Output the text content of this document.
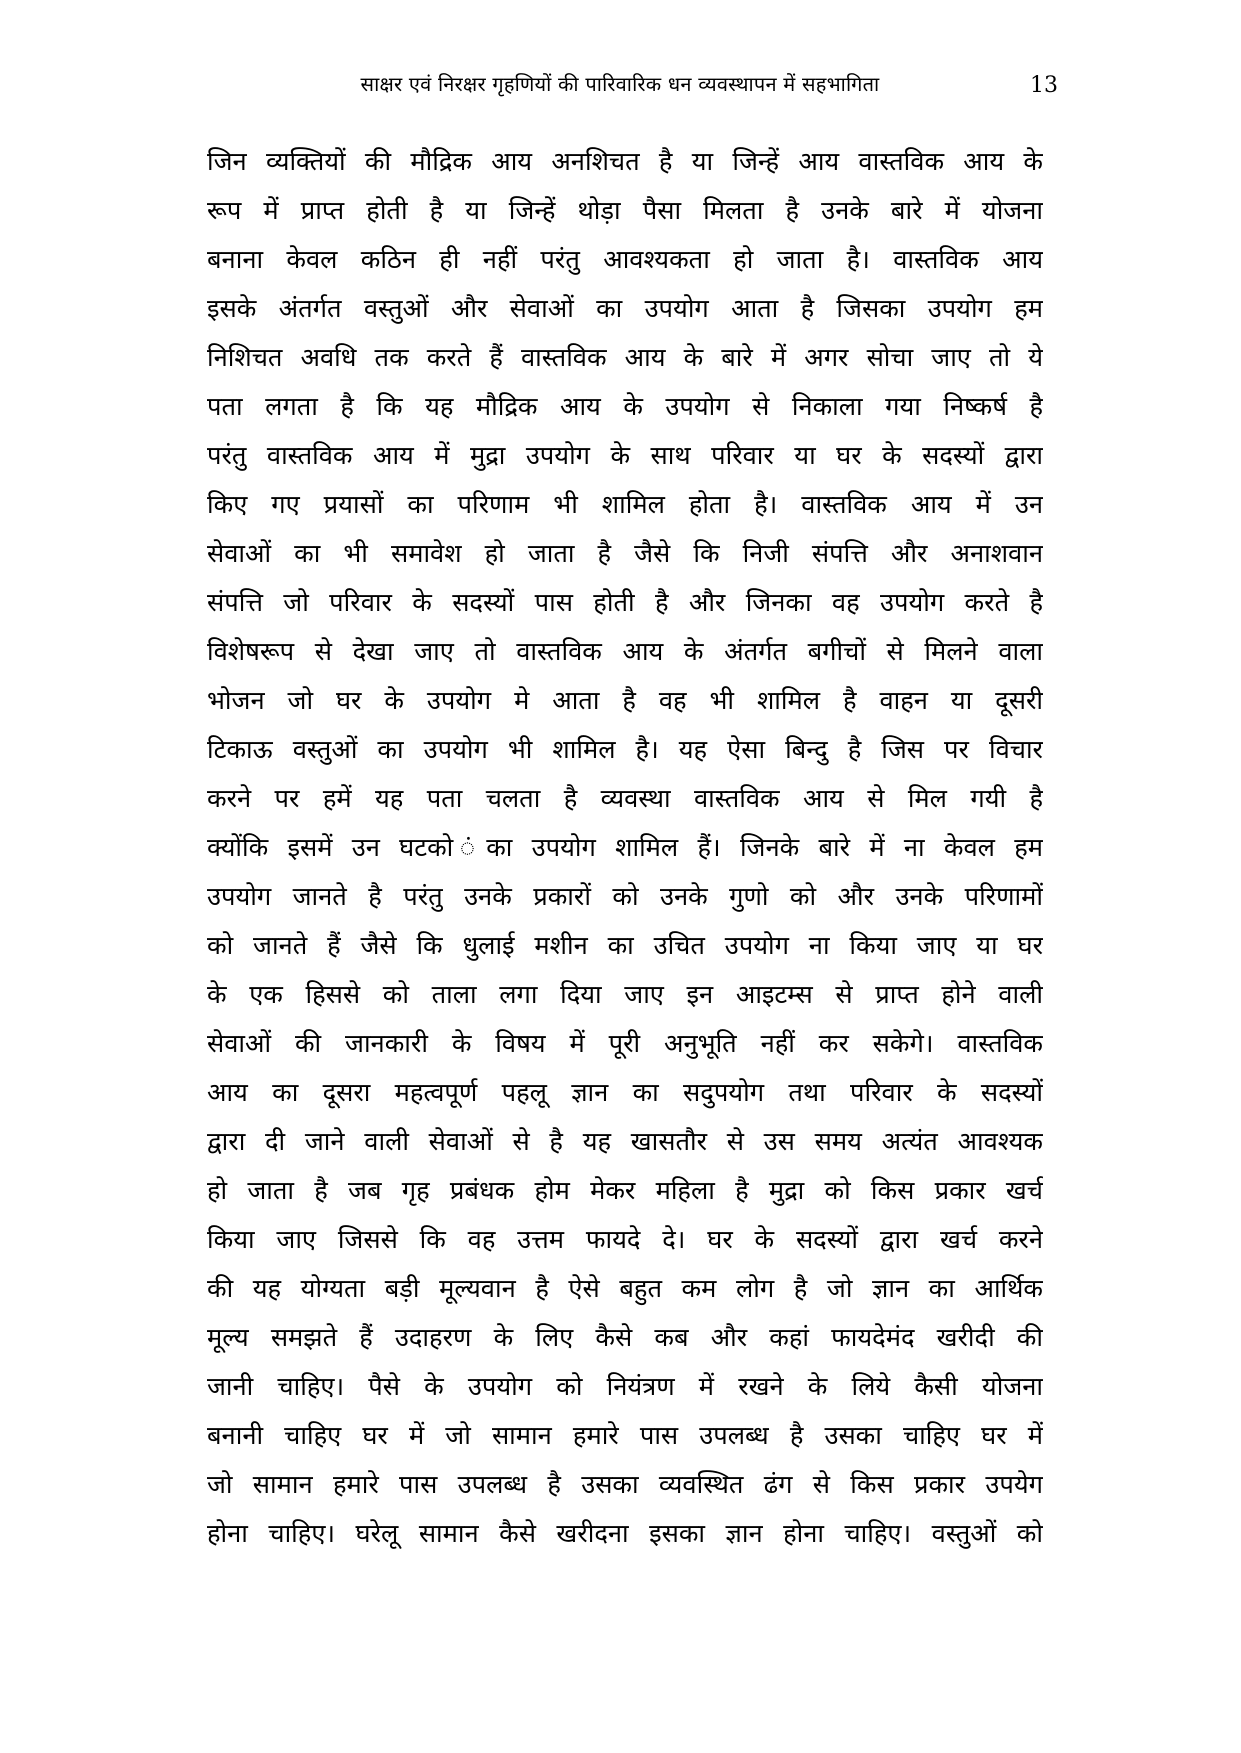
साक्षर एवं निरक्षर गृहणियों की पारिवारिक धन व्यवस्थापन में सहभागिता	13
जिन व्यक्तियों की मौद्रिक आय अनशिचत है या जिन्हें आय वास्तविक आय के
रूप में प्राप्त होती है या जिन्हें थोड़ा पैसा मिलता है उनके बारे में योजना
बनाना केवल कठिन ही नहीं परंतु आवश्यकता हो जाता है। वास्तविक आय
इसके अंतर्गत वस्तुओं और सेवाओं का उपयोग आता है जिसका उपयोग हम
निशिचत अवधि तक करते हैं वास्तविक आय के बारे में अगर सोचा जाए तो ये
पता लगता है कि यह मौद्रिक आय के उपयोग से निकाला गया निष्कर्ष है
परंतु वास्तविक आय में मुद्रा उपयोग के साथ परिवार या घर के सदस्यों द्वारा
किए गए प्रयासों का परिणाम भी शामिल होता है। वास्तविक आय में उन
सेवाओं का भी समावेश हो जाता है जैसे कि निजी संपत्ति और अनाशवान
संपत्ति जो परिवार के सदस्यों पास होती है और जिनका वह उपयोग करते है
विशेषरूप से देखा जाए तो वास्तविक आय के अंतर्गत बगीचों से मिलने वाला
भोजन जो घर के उपयोग मे आता है वह भी शामिल है वाहन या दूसरी
टिकाऊ वस्तुओं का उपयोग भी शामिल है। यह ऐसा बिन्दु है जिस पर विचार
करने पर हमें यह पता चलता है व्यवस्था वास्तविक आय से मिल गयी है
क्योंकि इसमें उन घटको ंका उपयोग शामिल हैं। जिनके बारे में ना केवल हम
उपयोग जानते है परंतु उनके प्रकारों को उनके गुणो को और उनके परिणामों
को जानते हैं जैसे कि धुलाई मशीन का उचित उपयोग ना किया जाए या घर
के एक हिससे को ताला लगा दिया जाए इन आइटम्स से प्राप्त होने वाली
सेवाओं की जानकारी के विषय में पूरी अनुभूति नहीं कर सकेगे। वास्तविक
आय का दूसरा महत्वपूर्ण पहलू ज्ञान का सदुपयोग तथा परिवार के सदस्यों
द्वारा दी जाने वाली सेवाओं से है यह खासतौर से उस समय अत्यंत आवश्यक
हो जाता है जब गृह प्रबंधक होम मेकर महिला है मुद्रा को किस प्रकार खर्च
किया जाए जिससे कि वह उत्तम फायदे दे। घर के सदस्यों द्वारा खर्च करने
की यह योग्यता बड़ी मूल्यवान है ऐसे बहुत कम लोग है जो ज्ञान का आर्थिक
मूल्य समझते हैं उदाहरण के लिए कैसे कब और कहां फायदेमंद खरीदी की
जानी चाहिए। पैसे के उपयोग को नियंत्रण में रखने के लिये कैसी योजना
बनानी चाहिए घर में जो सामान हमारे पास उपलब्ध है उसका चाहिए घर में
जो सामान हमारे पास उपलब्ध है उसका व्यवस्थित ढंग से किस प्रकार उपयेग
होना चाहिए। घरेलू सामान कैसे खरीदना इसका ज्ञान होना चाहिए। वस्तुओं को
